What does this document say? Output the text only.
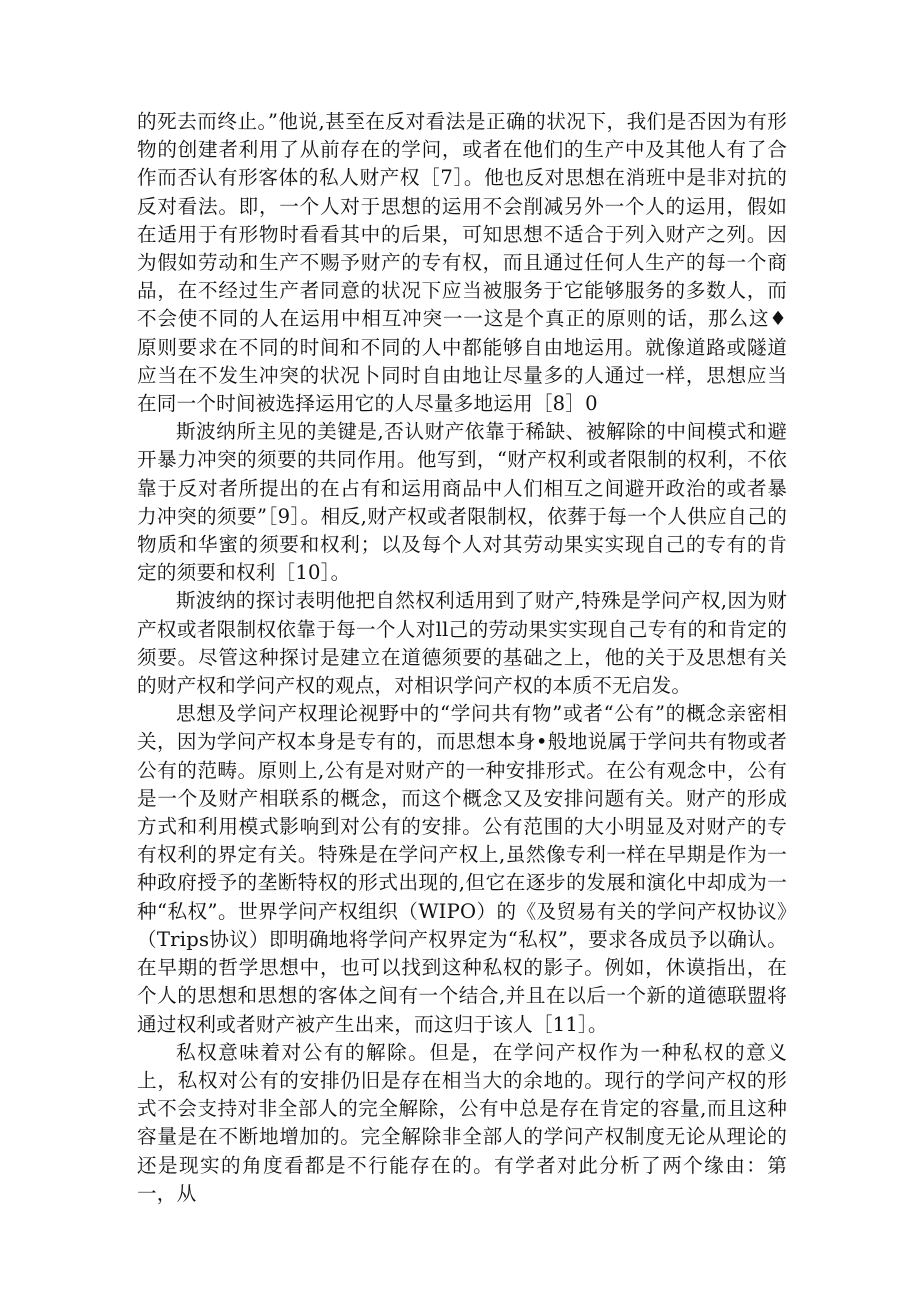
的死去而终止。”他说,甚至在反对看法是正确的状况下，我们是否因为有形物的创建者利用了从前存在的学问，或者在他们的生产中及其他人有了合作而否认有形客体的私人财产权［7］。他也反对思想在消班中是非对抗的反对看法。即，一个人对于思想的运用不会削减另外一个人的运用，假如在适用于有形物时看看其中的后果，可知思想不适合于列入财产之列。因为假如劳动和生产不赐予财产的专有权，而且通过任何人生产的每一个商品，在不经过生产者同意的状况下应当被服务于它能够服务的多数人，而不会使不同的人在运用中相互冲突一一这是个真正的原则的话，那么这♦原则要求在不同的时间和不同的人中都能够自由地运用。就像道路或隧道应当在不发生冲突的状况卜同时自由地让尽量多的人通过一样，思想应当在同一个时间被选择运用它的人尽量多地运用［8］0

斯波纳所主见的美键是,否认财产依靠于稀缺、被解除的中间模式和避开暴力冲突的须要的共同作用。他写到，“财产权利或者限制的权利，不依靠于反对者所提出的在占有和运用商品中人们相互之间避开政治的或者暴力冲突的须要”［9］。相反,财产权或者限制权，依葬于每一个人供应自己的物质和华蜜的须要和权利；以及每个人对其劳动果实实现自己的专有的肯定的须要和权利［10］。

斯波纳的探讨表明他把自然权利适用到了财产,特殊是学问产权,因为财产权或者限制权依靠于每一个人对ll己的劳动果实实现自己专有的和肯定的须要。尽管这种探讨是建立在道德须要的基础之上，他的关于及思想有关的财产权和学问产权的观点，对相识学问产权的本质不无启发。

思想及学问产权理论视野中的“学问共有物”或者“公有”的概念亲密相关，因为学问产权本身是专有的，而思想本身•般地说属于学问共有物或者公有的范畴。原则上,公有是对财产的一种安排形式。在公有观念中，公有是一个及财产相联系的概念，而这个概念又及安排问题有关。财产的形成方式和利用模式影响到对公有的安排。公有范围的大小明显及对财产的专有权利的界定有关。特殊是在学问产权上,虽然像专利一样在早期是作为一种政府授予的垄断特权的形式出现的,但它在逐步的发展和演化中却成为一种“私权”。世界学问产权组织（WIPO）的《及贸易有关的学问产权协议》（Trips协议）即明确地将学问产权界定为“私权”，要求各成员予以确认。在早期的哲学思想中，也可以找到这种私权的影子。例如，休谟指出，在个人的思想和思想的客体之间有一个结合,并且在以后一个新的道德联盟将通过权利或者财产被产生出来，而这归于该人［11］。

私权意味着对公有的解除。但是，在学问产权作为一种私权的意义上，私权对公有的安排仍旧是存在相当大的余地的。现行的学问产权的形式不会支持对非全部人的完全解除，公有中总是存在肯定的容量,而且这种容量是在不断地增加的。完全解除非全部人的学问产权制度无论从理论的还是现实的角度看都是不行能存在的。有学者对此分析了两个缘由：第一，从
